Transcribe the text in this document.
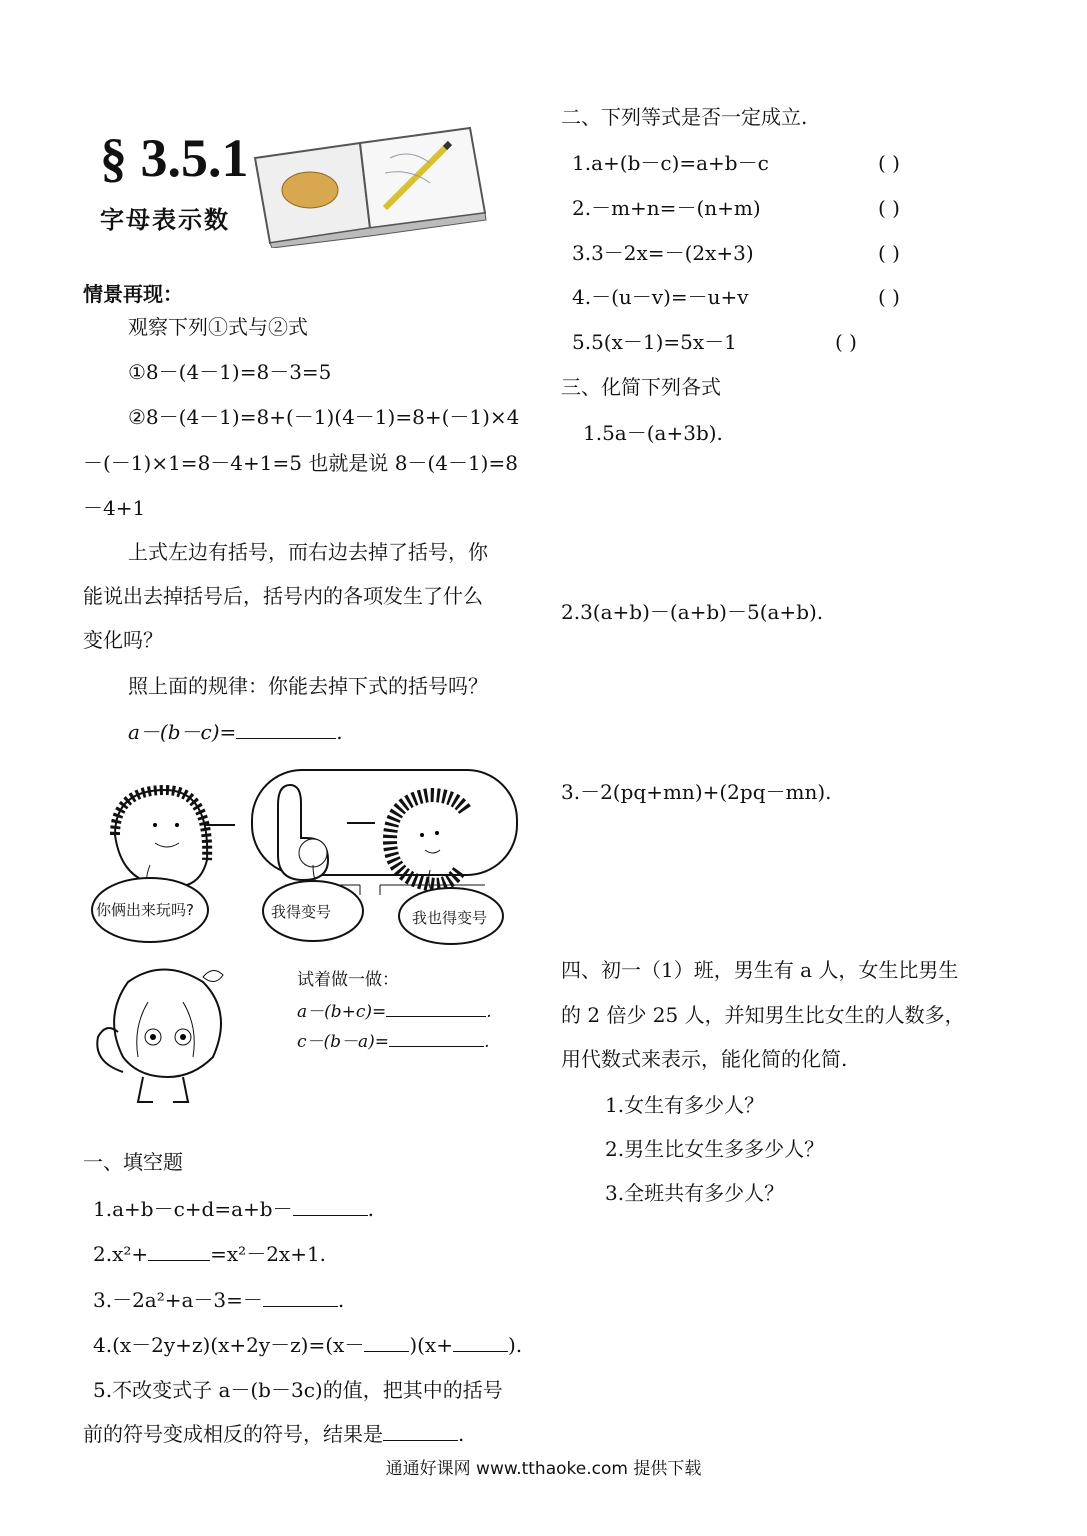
§ 3.5.1
字母表示数
情景再现：
观察下列①式与②式
①8－(4－1)=8－3=5
②8－(4－1)=8+(－1)(4－1)=8+(－1)×4
－(－1)×1=8－4+1=5 也就是说 8－(4－1)=8
－4+1
上式左边有括号，而右边去掉了括号，你
能说出去掉括号后，括号内的各项发生了什么
变化吗？
照上面的规律：你能去掉下式的括号吗？
a－(b－c)=	.
你俩出来玩吗?	我得变号	我也得变号
试着做一做：
a－(b+c)=	.
c－(b－a)=	.
一、填空题
1.a+b－c+d=a+b－	.
2.x²+	=x²－2x+1.
3.－2a²+a－3=－	.
4.(x－2y+z)(x+2y－z)=(x－ )(x+	).
5.不改变式子 a－(b－3c)的值，把其中的括号
前的符号变成相反的符号，结果是	.
二、下列等式是否一定成立.
1.a+(b－c)=a+b－c	( )
2.－m+n=－(n+m)	( )
3.3－2x=－(2x+3)	( )
4.－(u－v)=－u+v	( )
5.5(x－1)=5x－1	( )
三、化简下列各式
1.5a－(a+3b).
2.3(a+b)－(a+b)－5(a+b).
3.－2(pq+mn)+(2pq－mn).
四、初一（1）班，男生有 a 人，女生比男生
的 2 倍少 25 人，并知男生比女生的人数多，
用代数式来表示，能化简的化简.
1.女生有多少人？
2.男生比女生多多少人？
3.全班共有多少人？
通通好课网 www.tthaoke.com 提供下载
